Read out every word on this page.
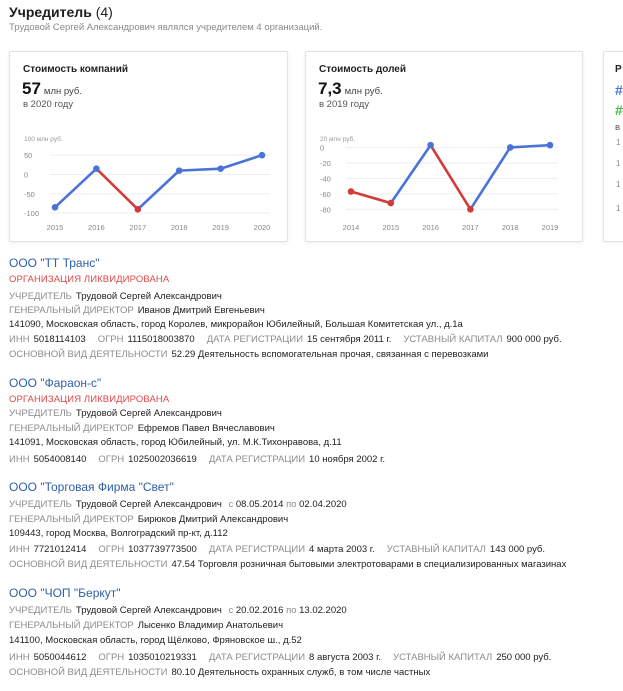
Учредитель (4)
Трудовой Сергей Александрович являлся учредителем 4 организаций.
Стоимость компаний
57 млн руб.
в 2020 году
100 млн руб.
50
0
-50
-100
2015	2016	2017	2018	2019	2020
Стоимость долей
7,3 млн руб.
в 2019 году
20 млн руб.
0
-20
-40
-60
-80
2014	2015	2016	2017	2018	2019
Р
#
#
в
1
1
1
1
ООО "ТТ Транс"
ОРГАНИЗАЦИЯ ЛИКВИДИРОВАНА
УЧРЕДИТЕЛЬ Трудовой Сергей Александрович
ГЕНЕРАЛЬНЫЙ ДИРЕКТОР Иванов Дмитрий Евгеньевич
141090, Московская область, город Королев, микрорайон Юбилейный, Большая Комитетская ул., д.1а
ИНН 5018114103 ОГРН 1115018003870 ДАТА РЕГИСТРАЦИИ 15 сентября 2011 г. УСТАВНЫЙ КАПИТАЛ 900 000 руб.
ОСНОВНОЙ ВИД ДЕЯТЕЛЬНОСТИ 52.29 Деятельность вспомогательная прочая, связанная с перевозками
ООО "Фараон-с"
ОРГАНИЗАЦИЯ ЛИКВИДИРОВАНА
УЧРЕДИТЕЛЬ Трудовой Сергей Александрович
ГЕНЕРАЛЬНЫЙ ДИРЕКТОР Ефремов Павел Вячеславович
141091, Московская область, город Юбилейный, ул. М.К.Тихонравова, д.11
ИНН 5054008140 ОГРН 1025002036619 ДАТА РЕГИСТРАЦИИ 10 ноября 2002 г.
ООО "Торговая Фирма "Свет"
УЧРЕДИТЕЛЬ Трудовой Сергей Александрович с 08.05.2014 по 02.04.2020
ГЕНЕРАЛЬНЫЙ ДИРЕКТОР Бирюков Дмитрий Александрович
109443, город Москва, Волгоградский пр-кт, д.112
ИНН 7721012414 ОГРН 1037739773500 ДАТА РЕГИСТРАЦИИ 4 марта 2003 г. УСТАВНЫЙ КАПИТАЛ 143 000 руб.
ОСНОВНОЙ ВИД ДЕЯТЕЛЬНОСТИ 47.54 Торговля розничная бытовыми электротоварами в специализированных магазинах
ООО "ЧОП "Беркут"
УЧРЕДИТЕЛЬ Трудовой Сергей Александрович с 20.02.2016 по 13.02.2020
ГЕНЕРАЛЬНЫЙ ДИРЕКТОР Лысенко Владимир Анатольевич
141100, Московская область, город Щёлково, Фряновское ш., д.52
ИНН 5050044612 ОГРН 1035010219331 ДАТА РЕГИСТРАЦИИ 8 августа 2003 г. УСТАВНЫЙ КАПИТАЛ 250 000 руб.
ОСНОВНОЙ ВИД ДЕЯТЕЛЬНОСТИ 80.10 Деятельность охранных служб, в том числе частных
